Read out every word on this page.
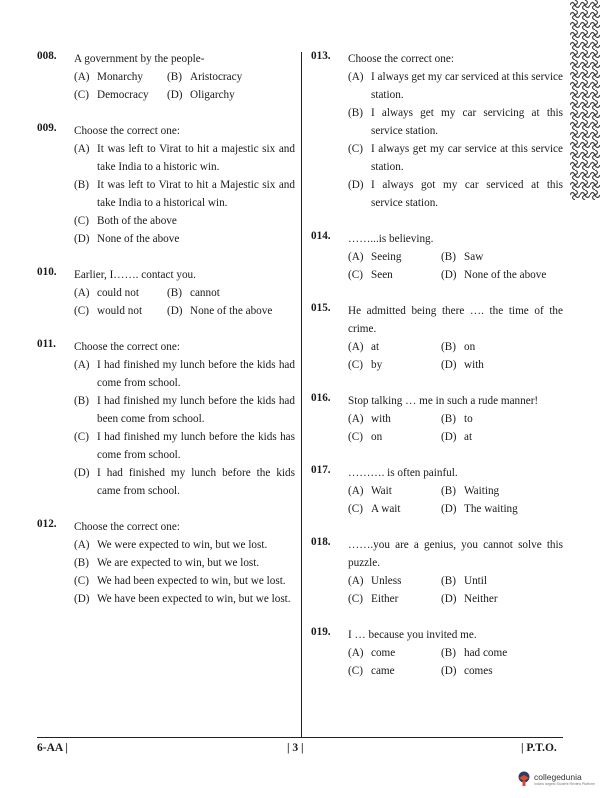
008. A government by the people-
(A) Monarchy (B) Aristocracy
(C) Democracy (D) Oligarchy
009. Choose the correct one:
(A) It was left to Virat to hit a majestic six and take India to a historic win.
(B) It was left to Virat to hit a Majestic six and take India to a historical win.
(C) Both of the above
(D) None of the above
010. Earlier, I……. contact you.
(A) could not	(B) cannot
(C) would not (D) None of the above
011. Choose the correct one:
(A) I had finished my lunch before the kids had come from school.
(B) I had finished my lunch before the kids had been come from school.
(C) I had finished my lunch before the kids has come from school.
(D) I had finished my lunch before the kids came from school.
012. Choose the correct one:
(A) We were expected to win, but we lost.
(B) We are expected to win, but we lost.
(C) We had been expected to win, but we lost.
(D) We have been expected to win, but we lost.
013. Choose the correct one:
(A) I always get my car serviced at this service station.
(B) I always get my car servicing at this service station.
(C) I always get my car service at this service station.
(D) I always got my car serviced at this service station.
014. ……...is believing.
(A) Seeing	(B) Saw
(C) Seen	(D) None of the above
015. He admitted being there …. the time of the crime.
(A) at	(B) on
(C) by	(D) with
016. Stop talking … me in such a rude manner!
(A) with	(B) to
(C) on	(D) at
017. ………. is often painful.
(A) Wait	(B) Waiting
(C) A wait	(D) The waiting
018. …….you are a genius, you cannot solve this puzzle.
(A) Unless	(B) Until
(C) Either	(D) Neither
019. I … because you invited me.
(A) come	(B) had come
(C) came	(D) comes
6-AA |	| 3 |	| P.T.O.
collegedunia
India's largest Student Review Platform
